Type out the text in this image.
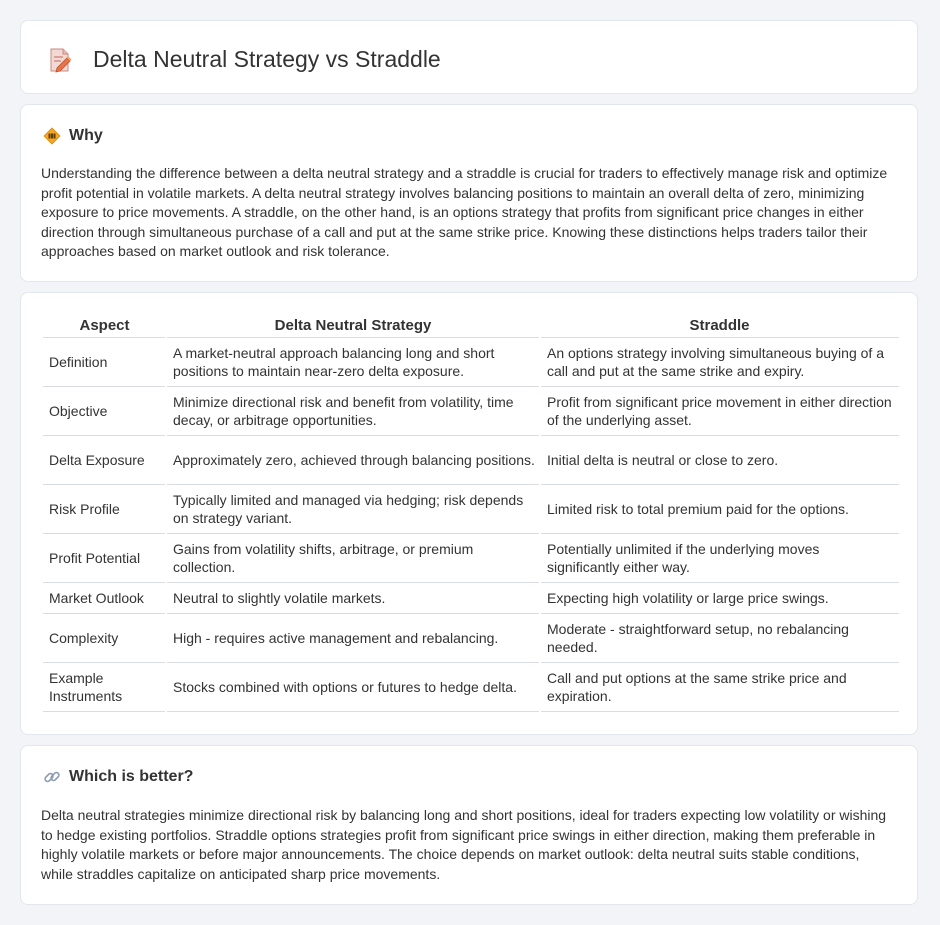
Delta Neutral Strategy vs Straddle
Why

Understanding the difference between a delta neutral strategy and a straddle is crucial for traders to effectively manage risk and optimize profit potential in volatile markets. A delta neutral strategy involves balancing positions to maintain an overall delta of zero, minimizing exposure to price movements. A straddle, on the other hand, is an options strategy that profits from significant price changes in either direction through simultaneous purchase of a call and put at the same strike price. Knowing these distinctions helps traders tailor their approaches based on market outlook and risk tolerance.

Aspect	Delta Neutral Strategy	Straddle
Definition	A market-neutral approach balancing long and short positions to maintain near-zero delta exposure.	An options strategy involving simultaneous buying of a call and put at the same strike and expiry.
Objective	Minimize directional risk and benefit from volatility, time decay, or arbitrage opportunities.	Profit from significant price movement in either direction of the underlying asset.
Delta Exposure	Approximately zero, achieved through balancing positions.	Initial delta is neutral or close to zero.
Risk Profile	Typically limited and managed via hedging; risk depends on strategy variant.	Limited risk to total premium paid for the options.
Profit Potential	Gains from volatility shifts, arbitrage, or premium collection.	Potentially unlimited if the underlying moves significantly either way.
Market Outlook	Neutral to slightly volatile markets.	Expecting high volatility or large price swings.
Complexity	High - requires active management and rebalancing.	Moderate - straightforward setup, no rebalancing needed.
Example Instruments	Stocks combined with options or futures to hedge delta.	Call and put options at the same strike price and expiration.
Which is better?

Delta neutral strategies minimize directional risk by balancing long and short positions, ideal for traders expecting low volatility or wishing to hedge existing portfolios. Straddle options strategies profit from significant price swings in either direction, making them preferable in highly volatile markets or before major announcements. The choice depends on market outlook: delta neutral suits stable conditions, while straddles capitalize on anticipated sharp price movements.
